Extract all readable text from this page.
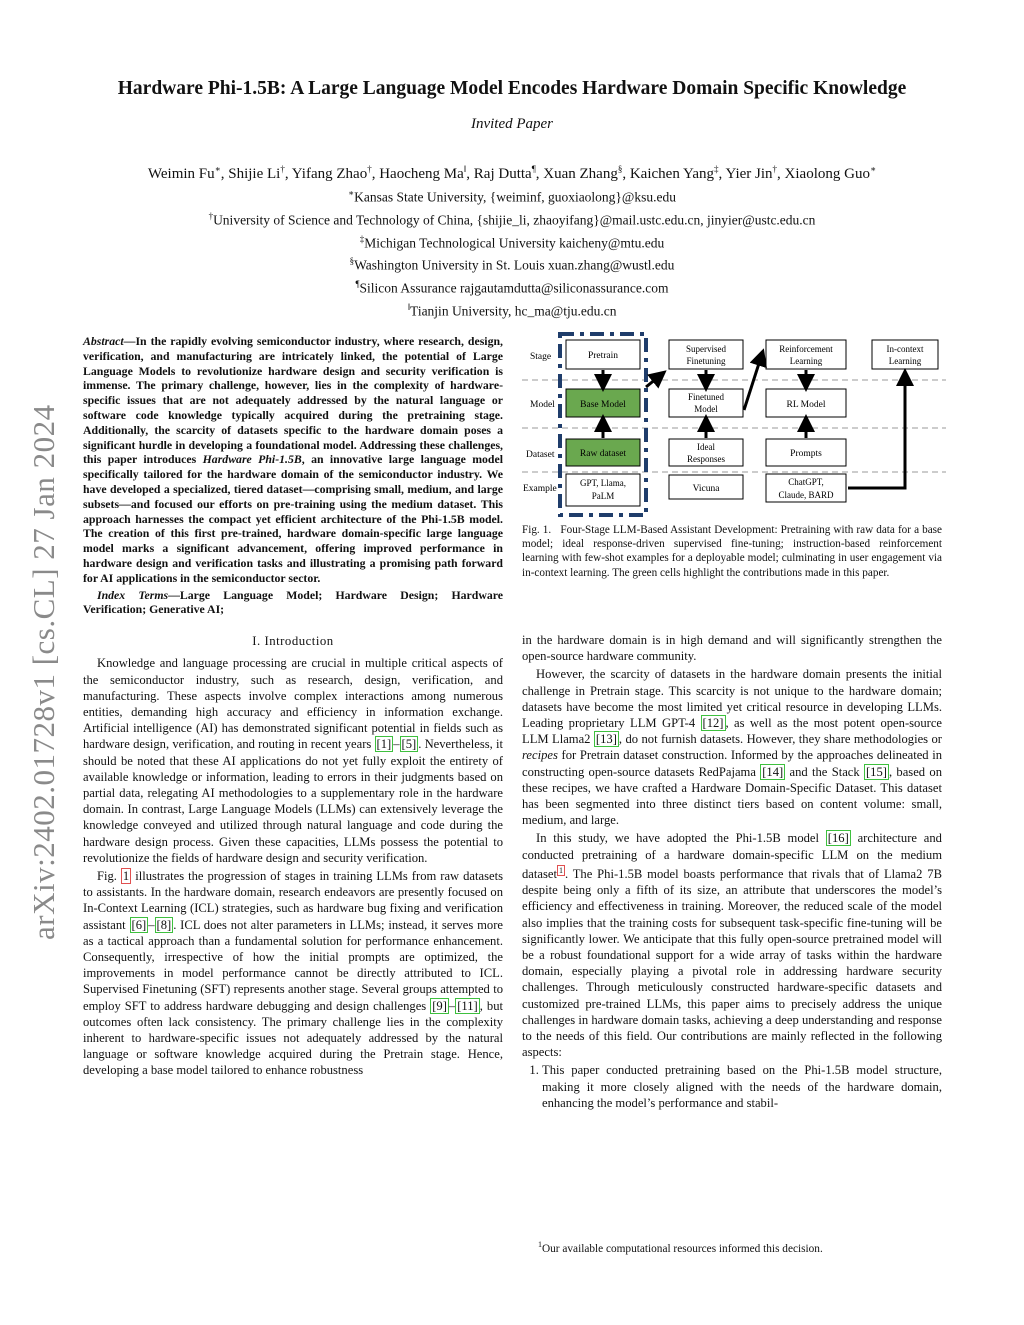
arXiv:2402.01728v1 [cs.CL] 27 Jan 2024
Hardware Phi-1.5B: A Large Language Model Encodes Hardware Domain Specific Knowledge
Invited Paper
Weimin Fu∗, Shijie Li†, Yifang Zhao†, Haocheng Ma‖, Raj Dutta¶, Xuan Zhang§, Kaichen Yang‡, Yier Jin†, Xiaolong Guo∗
∗Kansas State University, {weiminf, guoxiaolong}@ksu.edu
†University of Science and Technology of China, {shijie_li, zhaoyifang}@mail.ustc.edu.cn, jinyier@ustc.edu.cn
‡Michigan Technological University kaicheny@mtu.edu
§Washington University in St. Louis xuan.zhang@wustl.edu
¶Silicon Assurance rajgautamdutta@siliconassurance.com
‖Tianjin University, hc_ma@tju.edu.cn
Abstract—In the rapidly evolving semiconductor industry, where research, design, verification, and manufacturing are intricately linked, the potential of Large Language Models to revolutionize hardware design and security verification is immense. The primary challenge, however, lies in the complexity of hardware-specific issues that are not adequately addressed by the natural language or software code knowledge typically acquired during the pretraining stage. Additionally, the scarcity of datasets specific to the hardware domain poses a significant hurdle in developing a foundational model. Addressing these challenges, this paper introduces Hardware Phi-1.5B, an innovative large language model specifically tailored for the hardware domain of the semiconductor industry. We have developed a specialized, tiered dataset—comprising small, medium, and large subsets—and focused our efforts on pre-training using the medium dataset. This approach harnesses the compact yet efficient architecture of the Phi-1.5B model. The creation of this first pre-trained, hardware domain-specific large language model marks a significant advancement, offering improved performance in hardware design and verification tasks and illustrating a promising path forward for AI applications in the semiconductor sector.
Index Terms—Large Language Model; Hardware Design; Hardware Verification; Generative AI;
I. Introduction
Knowledge and language processing are crucial in multiple critical aspects of the semiconductor industry, such as research, design, verification, and manufacturing. These aspects involve complex interactions among numerous entities, demanding high accuracy and efficiency in information exchange. Artificial intelligence (AI) has demonstrated significant potential in fields such as hardware design, verification, and routing in recent years [1] – [5] . Nevertheless, it should be noted that these AI applications do not yet fully exploit the entirety of available knowledge or information, leading to errors in their judgments based on partial data, relegating AI methodologies to a supplementary role in the hardware domain. In contrast, Large Language Models (LLMs) can extensively leverage the knowledge conveyed and utilized through natural language and code during the hardware design process. Given these capacities, LLMs possess the potential to revolutionize the fields of hardware design and security verification.
Fig. 1 illustrates the progression of stages in training LLMs from raw datasets to assistants. In the hardware domain, research endeavors are presently focused on In-Context Learning (ICL) strategies, such as hardware bug fixing and verification assistant [6] – [8] . ICL does not alter parameters in LLMs; instead, it serves more as a tactical approach than a fundamental solution for performance enhancement. Consequently, irrespective of how the initial prompts are optimized, the improvements in model performance cannot be directly attributed to ICL. Supervised Finetuning (SFT) represents another stage. Several groups attempted to employ SFT to address hardware debugging and design challenges [9] – [11] , but outcomes often lack consistency. The primary challenge lies in the complexity inherent to hardware-specific issues not adequately addressed by the natural language or software knowledge acquired during the Pretrain stage. Hence, developing a base model tailored to enhance robustness
Stage
Model
Dataset
Example
Pretrain
Supervised
Finetuning
Reinforcement
Learning
In-context
Learning
Base Model
Finetuned
Model	RL Model
Raw dataset
Ideal
Responses	Prompts
GPT, Llama,
PaLM
Vicuna
ChatGPT,
Claude, BARD
Fig. 1. Four-Stage LLM-Based Assistant Development: Pretraining with raw data for a base model; ideal response-driven supervised fine-tuning; instruction-based reinforcement learning with few-shot examples for a deployable model; culminating in user engagement via in-context learning. The green cells highlight the contributions made in this paper.
in the hardware domain is in high demand and will significantly strengthen the open-source hardware community.
However, the scarcity of datasets in the hardware domain presents the initial challenge in Pretrain stage. This scarcity is not unique to the hardware domain; datasets have become the most limited yet critical resource in developing LLMs. Leading proprietary LLM GPT-4 [12] , as well as the most potent open-source LLM Llama2 [13] , do not furnish datasets. However, they share methodologies or recipes for Pretrain dataset construction. Informed by the approaches delineated in constructing open-source datasets RedPajama [14] and the Stack [15] , based on these recipes, we have crafted a Hardware Domain-Specific Dataset. This dataset has been segmented into three distinct tiers based on content volume: small, medium, and large.
In this study, we have adopted the Phi-1.5B model [16] architecture and conducted pretraining of a hardware domain-specific LLM on the medium dataset $^1$ . The Phi-1.5B model boasts performance that rivals that of Llama2 7B despite being only a fifth of its size, an attribute that underscores the model’s efficiency and effectiveness in training. Moreover, the reduced scale of the model also implies that the training costs for subsequent task-specific fine-tuning will be significantly lower. We anticipate that this fully open-source pretrained model will be a robust foundational support for a wide array of tasks within the hardware domain, especially playing a pivotal role in addressing hardware security challenges. Through meticulously constructed hardware-specific datasets and customized pre-trained LLMs, this paper aims to precisely address the unique challenges in hardware domain tasks, achieving a deep understanding and response to the needs of this field. Our contributions are mainly reflected in the following aspects:
1. This paper conducted pretraining based on the Phi-1.5B model structure, making it more closely aligned with the needs of the hardware domain, enhancing the model’s performance and stabil-
$^1$Our available computational resources informed this decision.
